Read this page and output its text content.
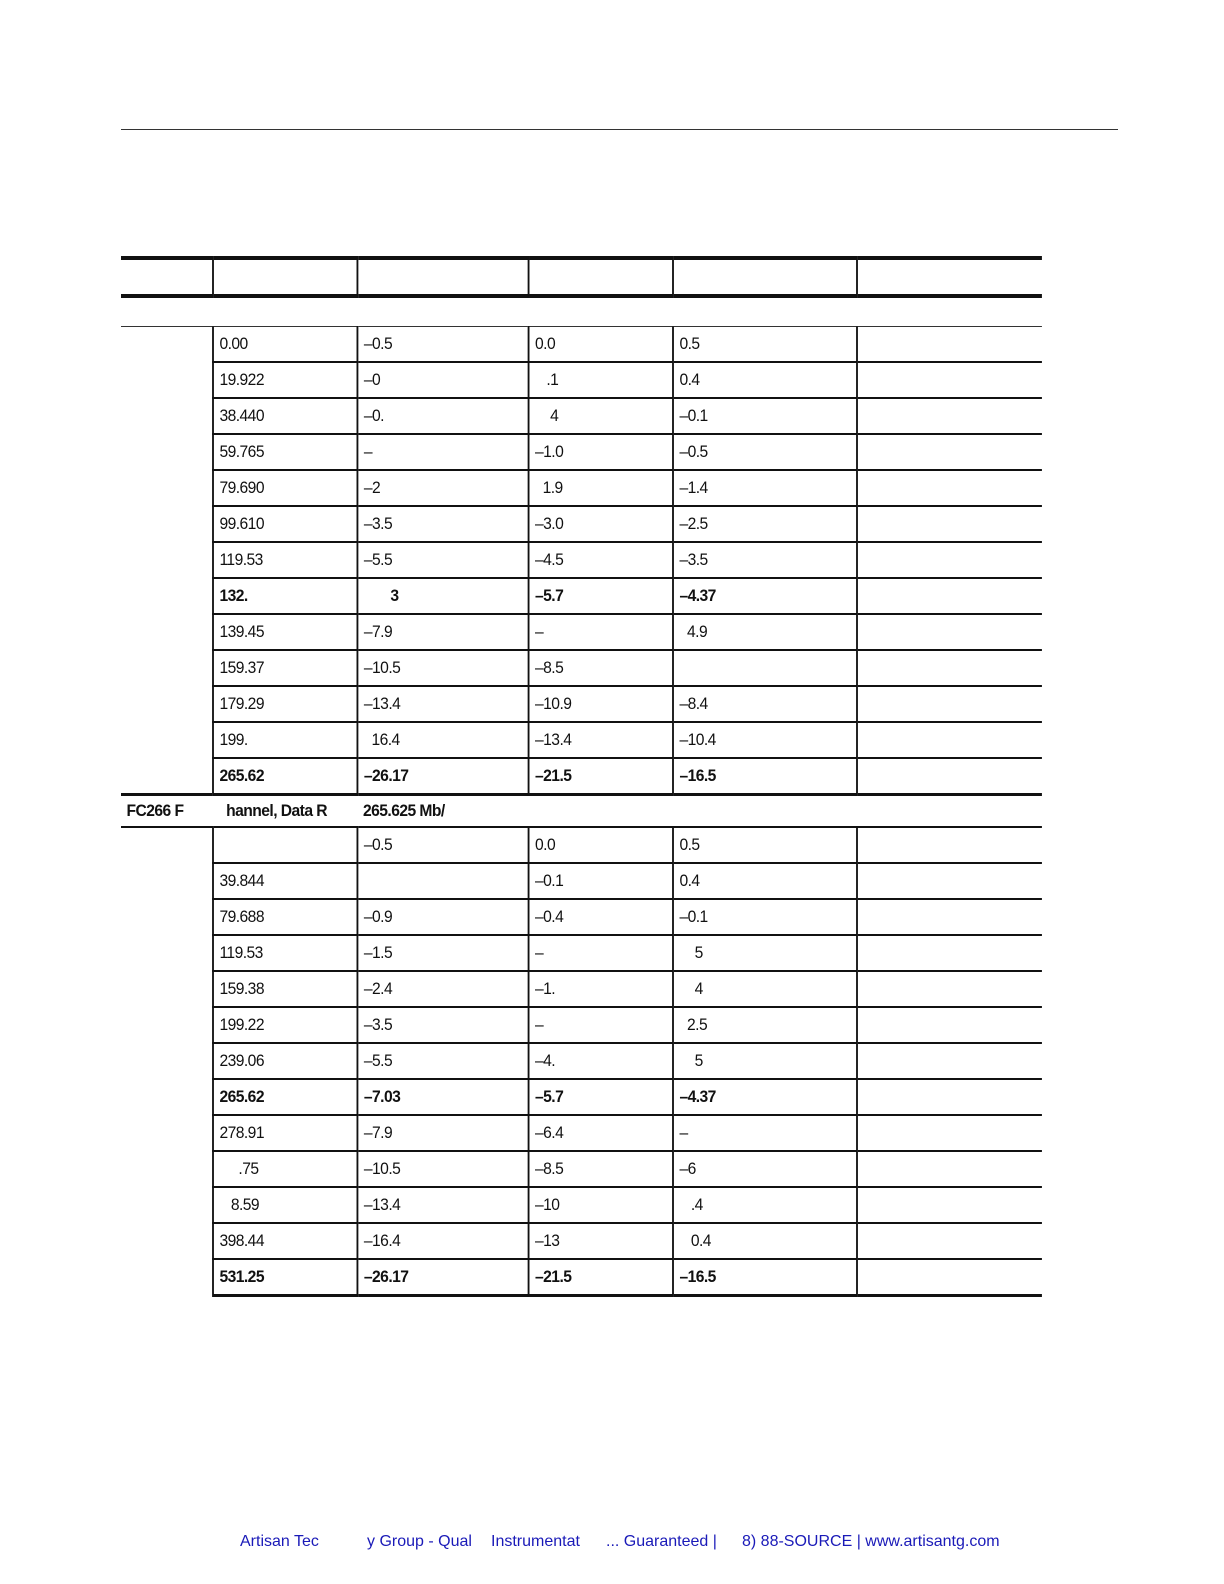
	0.00	–0.5	0.0	0.5	
	19.922	–0	.1	0.4	
	38.440	–0.	4	–0.1	
	59.765	–	–1.0	–0.5	
	79.690	–2	1.9	–1.4	
	99.610	–3.5	–3.0	–2.5	
	119.53	–5.5	–4.5	–3.5	
	132.	3	–5.7	–4.37	
	139.45	–7.9	–	4.9	
	159.37	–10.5	–8.5		
	179.29	–13.4	–10.9	–8.4	
	199.	16.4	–13.4	–10.4	
	265.62	–26.17	–21.5	–16.5	
FC266 F	hannel, Data R	265.625 Mb/			
		–0.5	0.0	0.5	
	39.844		–0.1	0.4	
	79.688	–0.9	–0.4	–0.1	
	119.53	–1.5	–	5	
	159.38	–2.4	–1.	4	
	199.22	–3.5	–	2.5	
	239.06	–5.5	–4.	5	
	265.62	–7.03	–5.7	–4.37	
	278.91	–7.9	–6.4	–	
	.75	–10.5	–8.5	–6	
	8.59	–13.4	–10	.4	
	398.44	–16.4	–13	0.4	
	531.25	–26.17	–21.5	–16.5	
Artisan Tec	y Group - Qual Instrumentat ... Guaranteed | 8) 88-SOURCE | www.artisantg.com
